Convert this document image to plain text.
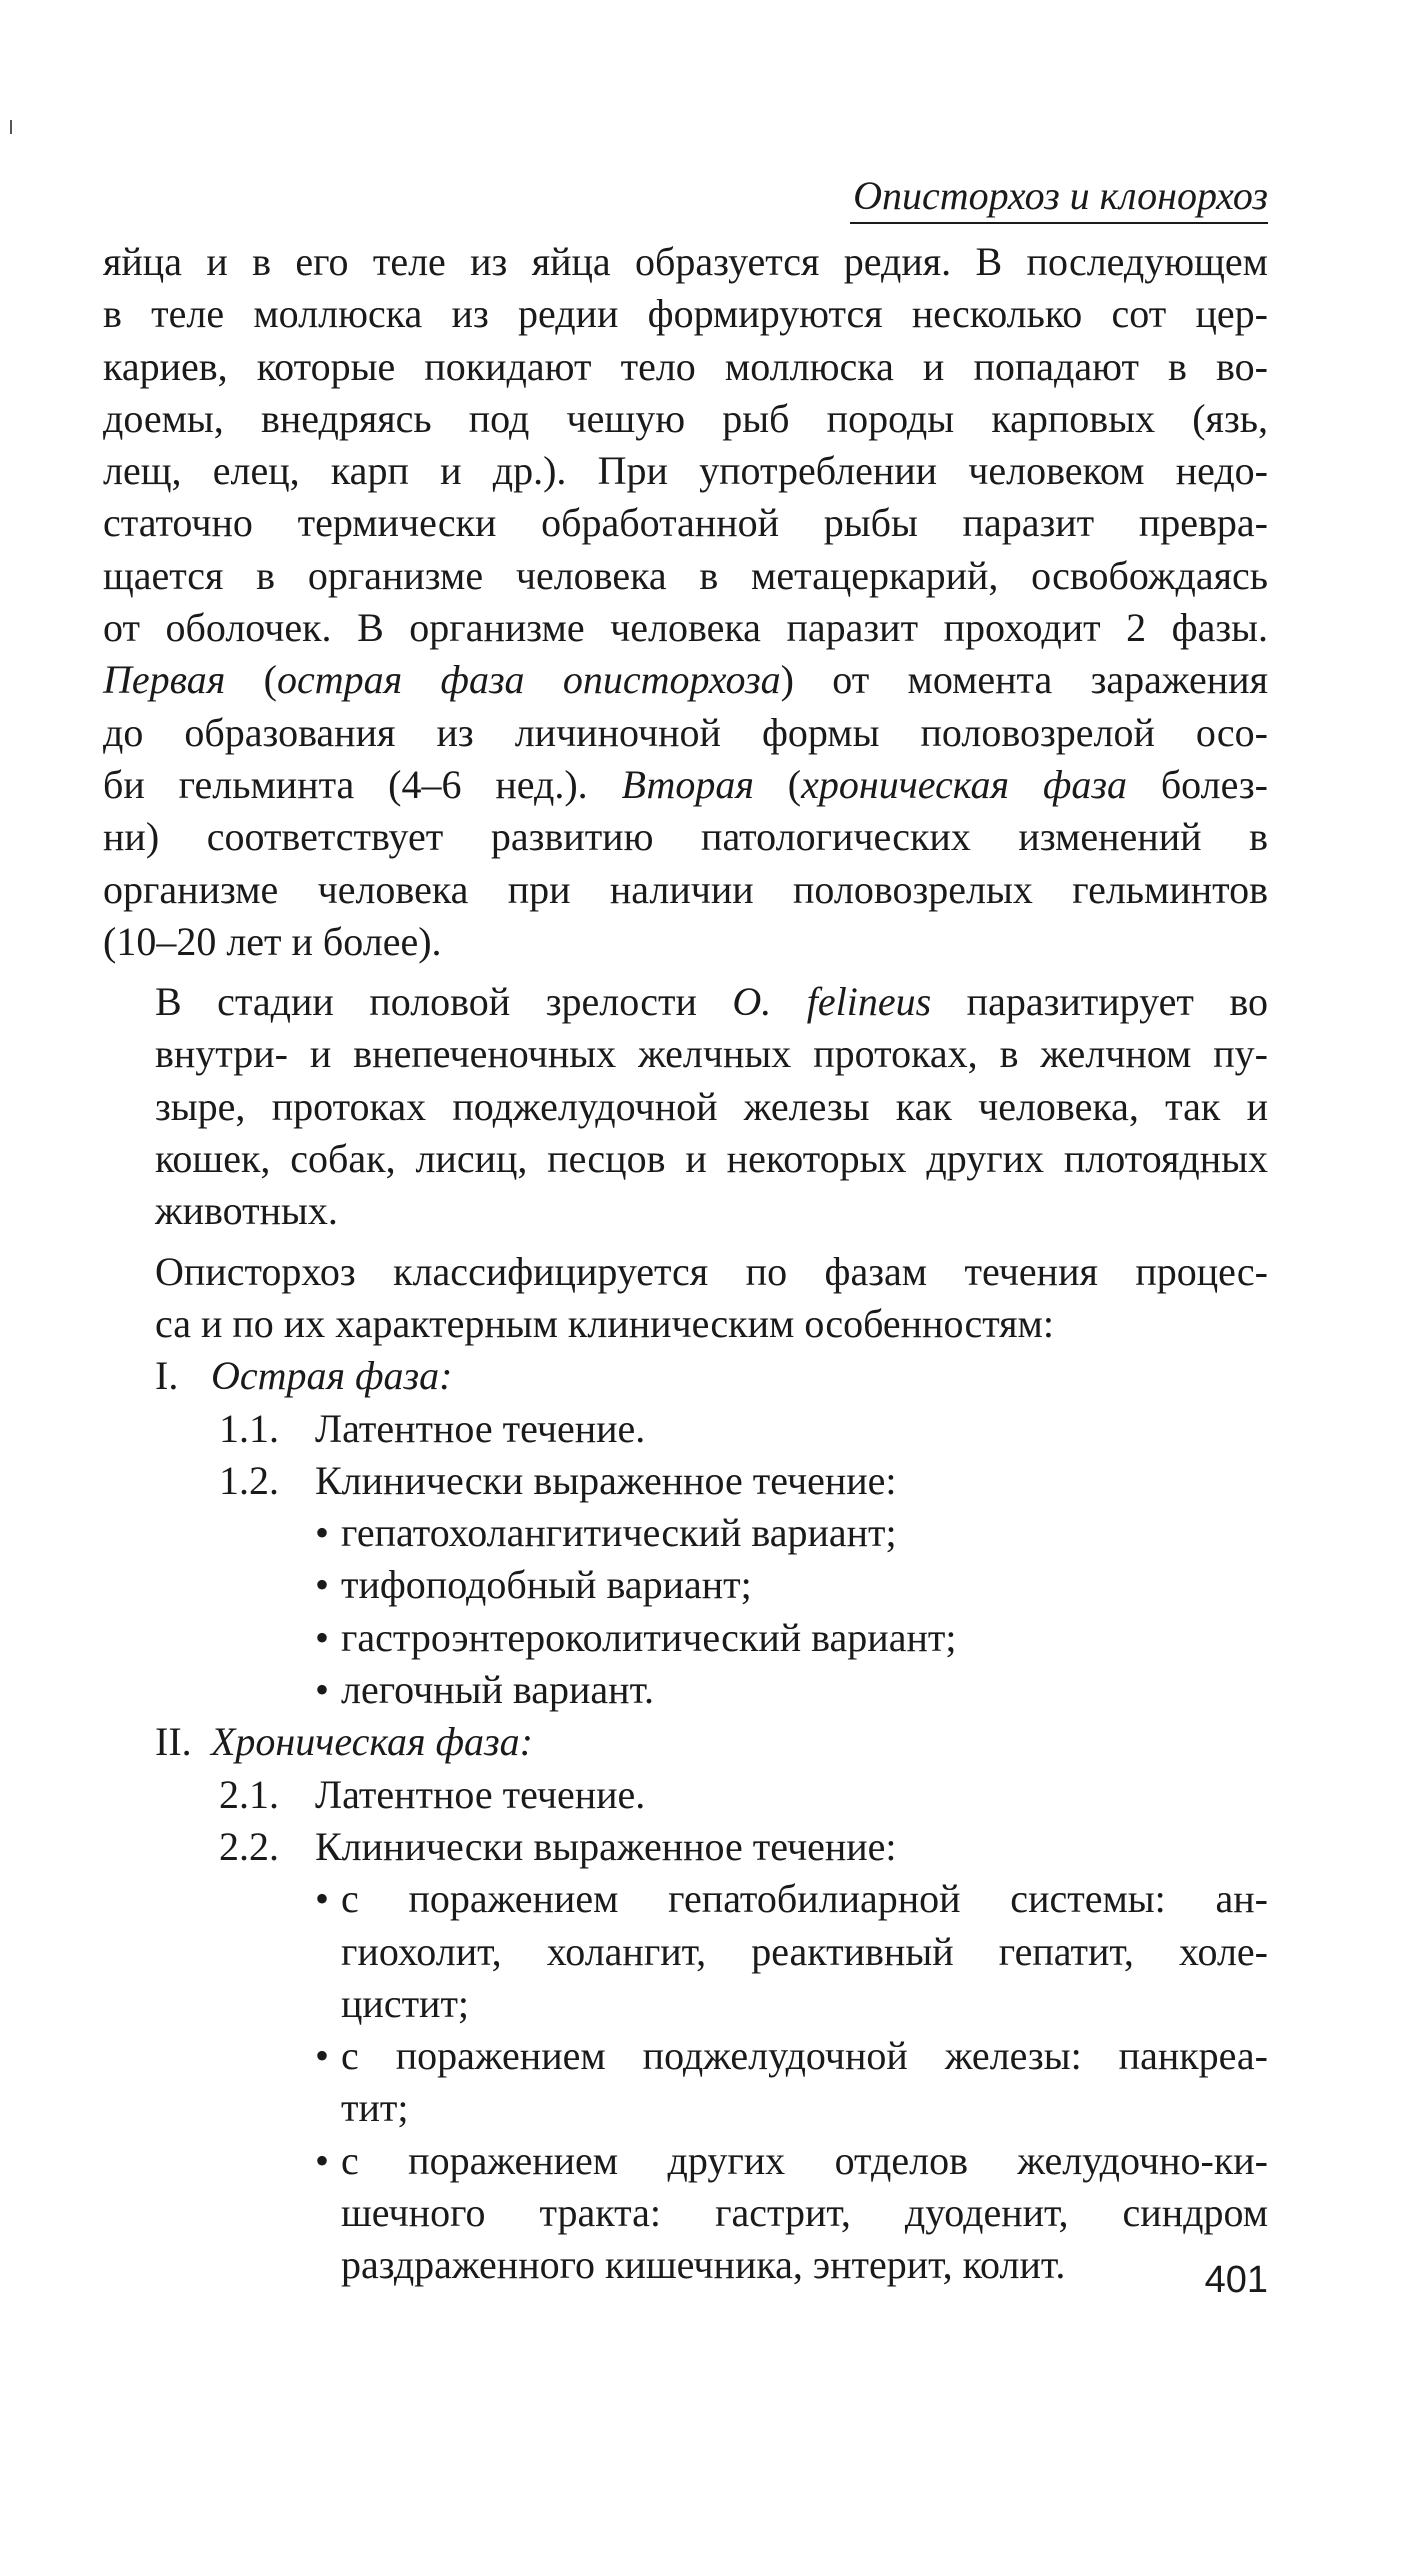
Описторхоз и клонорхоз

яйца и в его теле из яйца образуется редия. В последующем
в теле моллюска из редии формируются несколько сот цер-
кариев, которые покидают тело моллюска и попадают в во-
доемы, внедряясь под чешую рыб породы карповых (язь,
лещ, елец, карп и др.). При употреблении человеком недо-
статочно термически обработанной рыбы паразит превра-
щается в организме человека в метацеркарий, освобождаясь
от оболочек. В организме человека паразит проходит 2 фазы.
Первая (острая фаза описторхоза) от момента заражения
до образования из личиночной формы половозрелой осо-
би гельминта (4–6 нед.). Вторая (хроническая фаза болез-
ни) соответствует развитию патологических изменений в
организме человека при наличии половозрелых гельминтов
(10–20 лет и более).

В стадии половой зрелости O. felineus паразитирует во
внутри- и внепеченочных желчных протоках, в желчном пу-
зыре, протоках поджелудочной железы как человека, так и
кошек, собак, лисиц, песцов и некоторых других плотоядных
животных.

Описторхоз классифицируется по фазам течения процес-
са и по их характерным клиническим особенностям:

I. Острая фаза:
1.1. Латентное течение.
1.2. Клинически выраженное течение:
• гепатохолангитический вариант;
• тифоподобный вариант;
• гастроэнтероколитический вариант;
• легочный вариант.
II. Хроническая фаза:
2.1. Латентное течение.
2.2. Клинически выраженное течение:
• с поражением гепатобилиарной системы: ан-
гиохолит, холангит, реактивный гепатит, холе-
цистит;
• с поражением поджелудочной железы: панкреа-
тит;
• с поражением других отделов желудочно-ки-
шечного тракта: гастрит, дуоденит, синдром
раздраженного кишечника, энтерит, колит.	401
